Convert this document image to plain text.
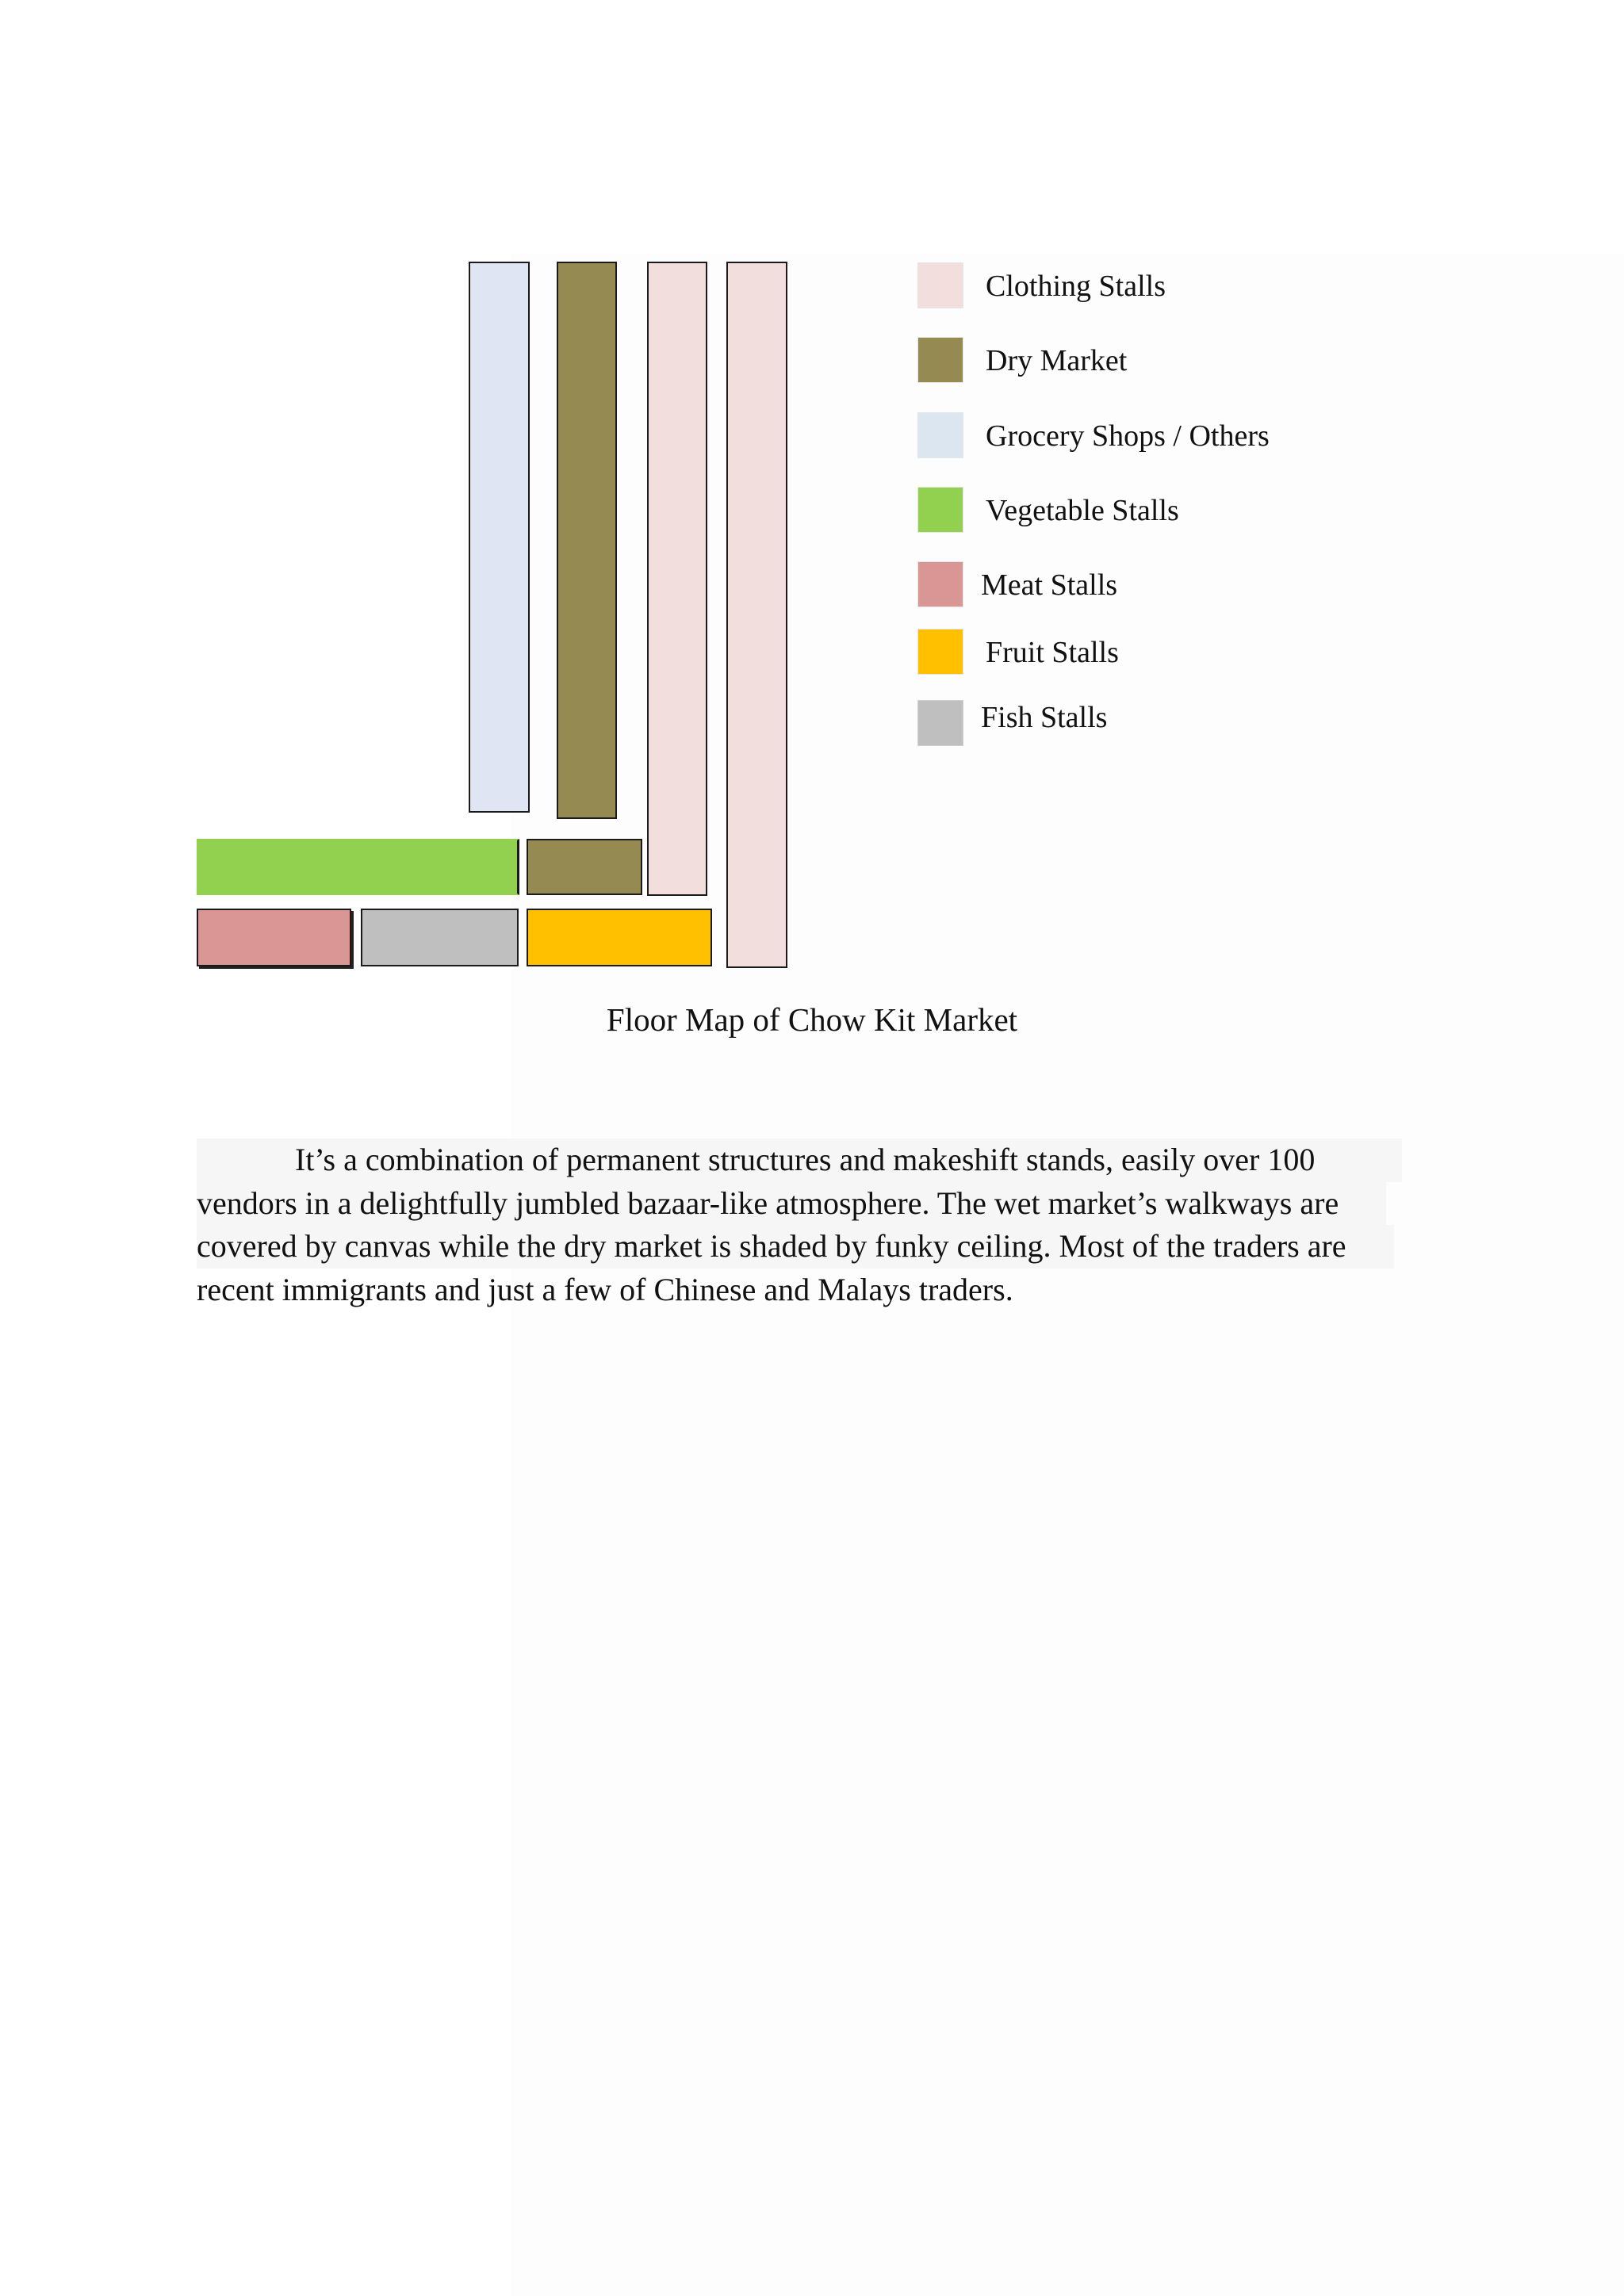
Clothing Stalls
Dry Market
Grocery Shops / Others
Vegetable Stalls
Meat Stalls
Fruit Stalls
Fish Stalls
Floor Map of Chow Kit Market

It’s a combination of permanent structures and makeshift stands, easily over 100
vendors in a delightfully jumbled bazaar-like atmosphere. The wet market’s walkways are
covered by canvas while the dry market is shaded by funky ceiling. Most of the traders are
recent immigrants and just a few of Chinese and Malays traders.
